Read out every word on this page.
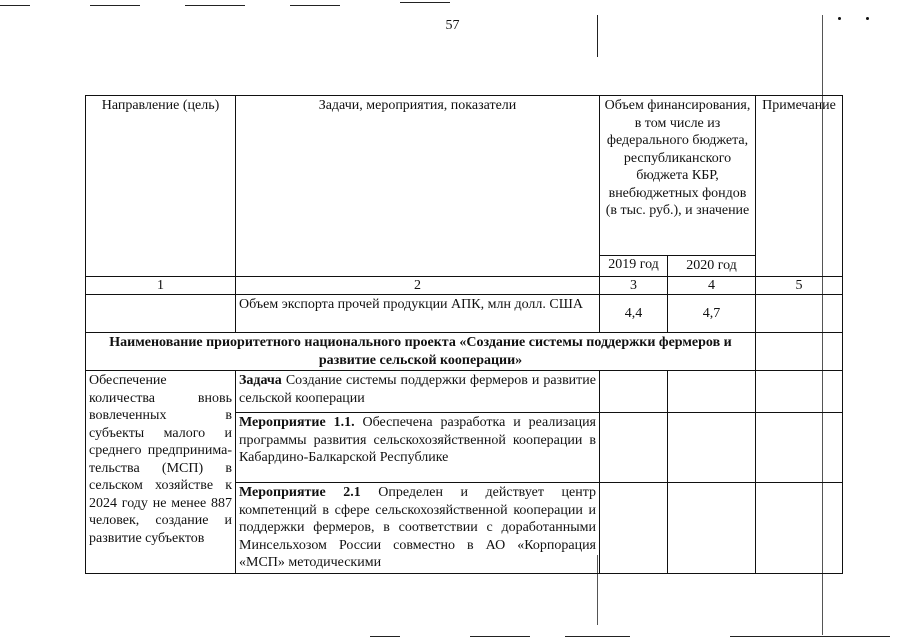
57
Направление (цель)	Задачи, мероприятия, показатели	Объем финансирования, в том числе из федерального бюджета, республиканского бюджета КБР, внебюджетных фондов (в тыс. руб.), и значение		Примечание
		2019 год	2020 год	
1	2	3	4	5
	Объем экспорта прочей продукции АПК, млн долл. США	4,4	4,7	
Наименование приоритетного национального проекта «Создание системы поддержки фермеров и развитие сельской кооперации»				
Обеспечение количества вновь вовлеченных в субъекты малого и среднего предпринима-тельства (МСП) в сельском хозяйстве к 2024 году не менее 887 человек, создание и развитие субъектов	Задача Создание системы поддержки фермеров и развитие сельской кооперации			
	Мероприятие 1.1. Обеспечена разработка и реализация программы развития сельскохозяйственной кооперации в Кабардино-Балкарской Республике			
	Мероприятие 2.1 Определен и действует центр компетенций в сфере сельскохозяйственной кооперации и поддержки фермеров, в соответствии с доработанными Минсельхозом России совместно в АО «Корпорация «МСП» методическими			
